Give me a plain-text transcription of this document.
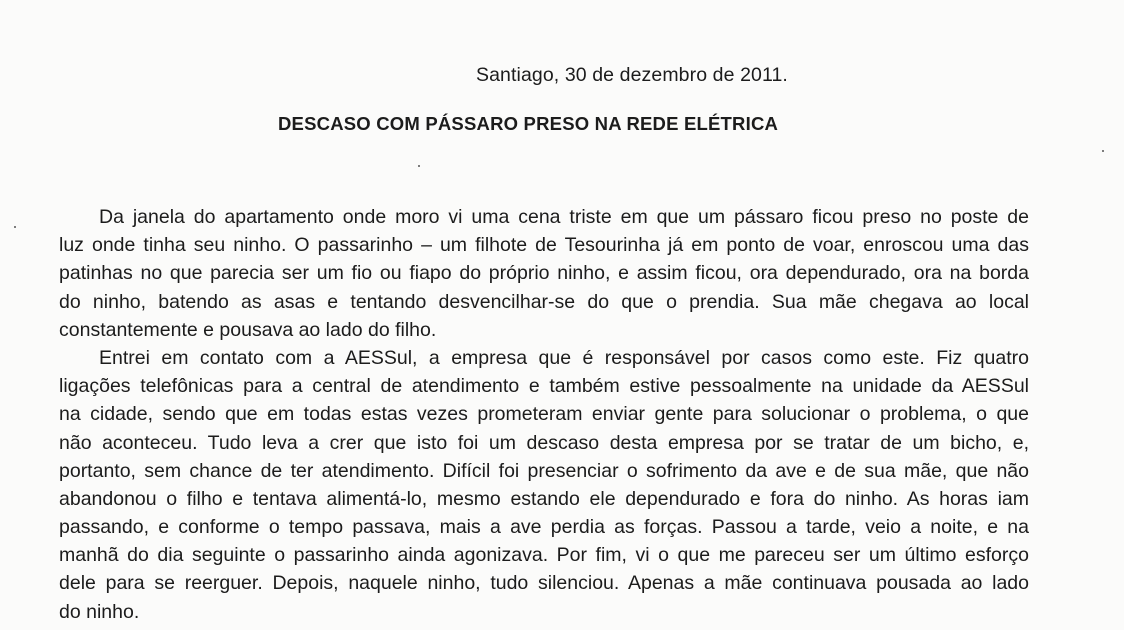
Santiago, 30 de dezembro de 2011.
DESCASO COM PÁSSARO PRESO NA REDE ELÉTRICA
Da janela do apartamento onde moro vi uma cena triste em que um pássaro ficou preso no poste de
luz onde tinha seu ninho. O passarinho – um filhote de Tesourinha já em ponto de voar, enroscou uma das
patinhas no que parecia ser um fio ou fiapo do próprio ninho, e assim ficou, ora dependurado, ora na borda
do ninho, batendo as asas e tentando desvencilhar-se do que o prendia. Sua mãe chegava ao local
constantemente e pousava ao lado do filho.
Entrei em contato com a AESSul, a empresa que é responsável por casos como este. Fiz quatro
ligações telefônicas para a central de atendimento e também estive pessoalmente na unidade da AESSul
na cidade, sendo que em todas estas vezes prometeram enviar gente para solucionar o problema, o que
não aconteceu. Tudo leva a crer que isto foi um descaso desta empresa por se tratar de um bicho, e,
portanto, sem chance de ter atendimento. Difícil foi presenciar o sofrimento da ave e de sua mãe, que não
abandonou o filho e tentava alimentá-lo, mesmo estando ele dependurado e fora do ninho. As horas iam
passando, e conforme o tempo passava, mais a ave perdia as forças. Passou a tarde, veio a noite, e na
manhã do dia seguinte o passarinho ainda agonizava. Por fim, vi o que me pareceu ser um último esforço
dele para se reerguer. Depois, naquele ninho, tudo silenciou. Apenas a mãe continuava pousada ao lado
do ninho.
